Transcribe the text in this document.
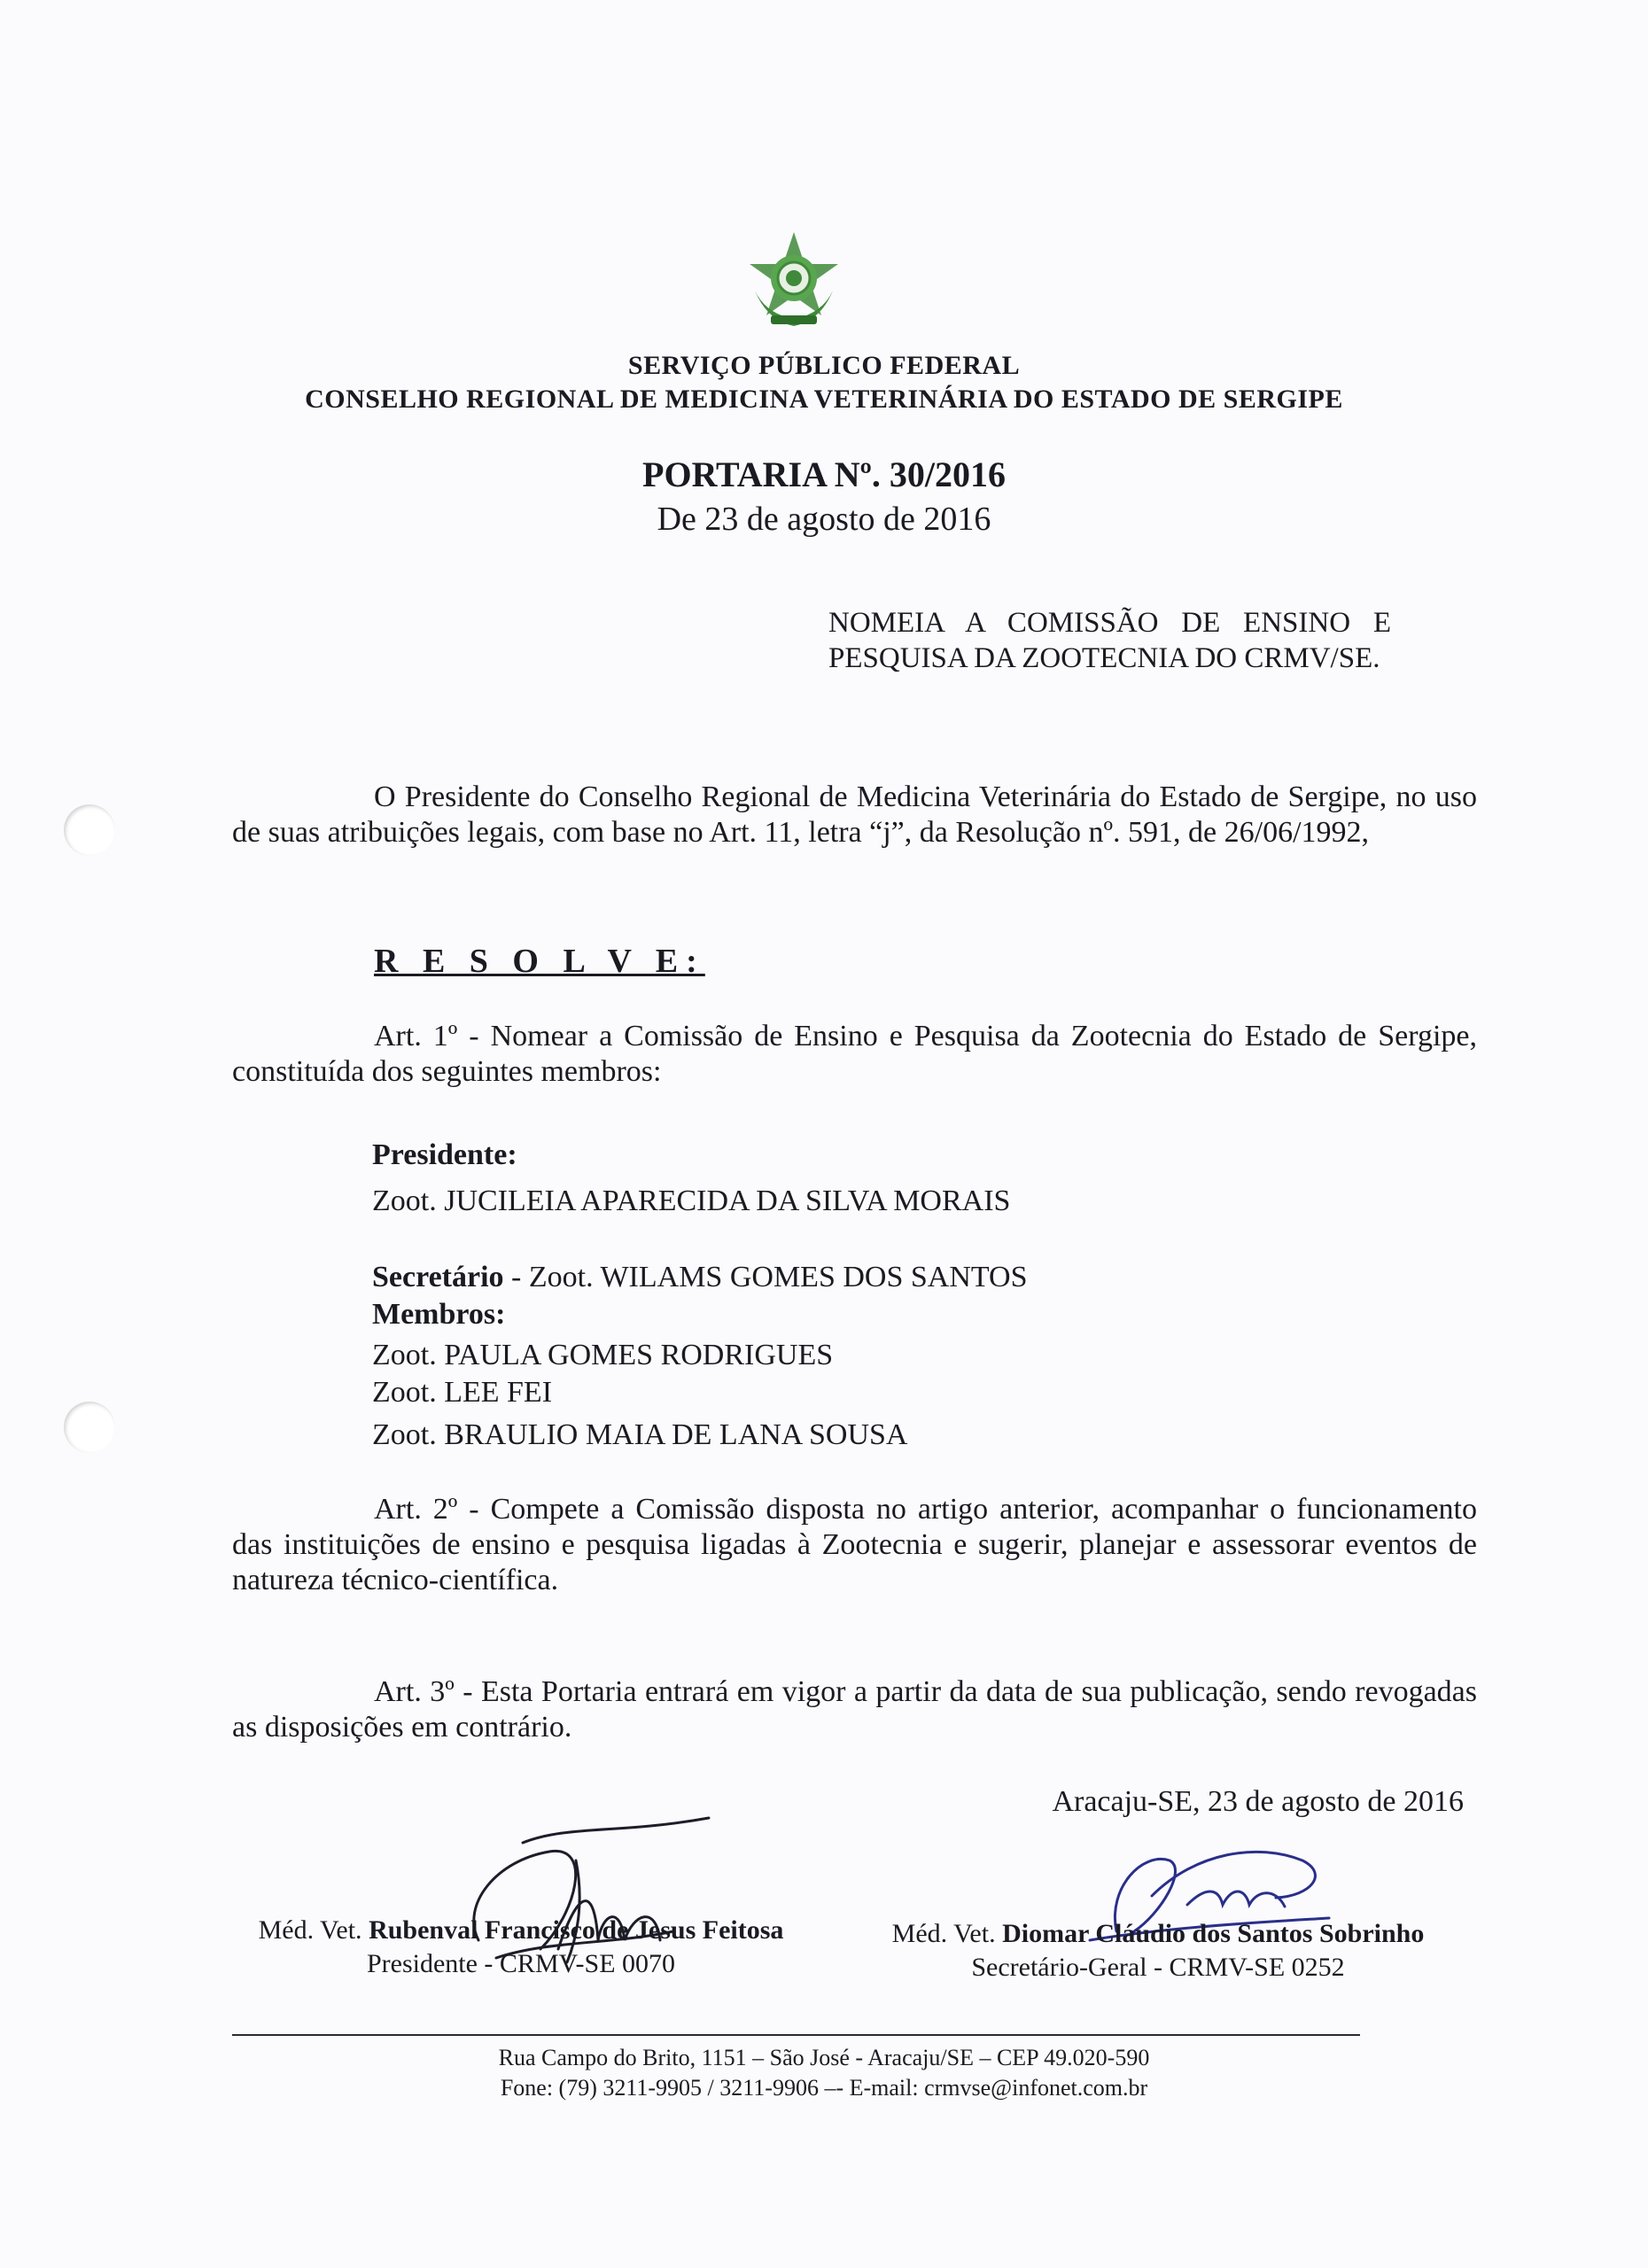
SERVIÇO PÚBLICO FEDERAL
CONSELHO REGIONAL DE MEDICINA VETERINÁRIA DO ESTADO DE SERGIPE
PORTARIA Nº. 30/2016
De 23 de agosto de 2016
NOMEIA A COMISSÃO DE ENSINO E PESQUISA DA ZOOTECNIA DO CRMV/SE.
O Presidente do Conselho Regional de Medicina Veterinária do Estado de Sergipe, no uso de suas atribuições legais, com base no Art. 11, letra “j”, da Resolução nº. 591, de 26/06/1992,
R E S O L V E:
Art. 1º - Nomear a Comissão de Ensino e Pesquisa da Zootecnia do Estado de Sergipe, constituída dos seguintes membros:
Presidente:
Zoot. JUCILEIA APARECIDA DA SILVA MORAIS
Secretário - Zoot. WILAMS GOMES DOS SANTOS
Membros:
Zoot. PAULA GOMES RODRIGUES
Zoot. LEE FEI
Zoot. BRAULIO MAIA DE LANA SOUSA
Art. 2º - Compete a Comissão disposta no artigo anterior, acompanhar o funcionamento das instituições de ensino e pesquisa ligadas à Zootecnia e sugerir, planejar e assessorar eventos de natureza técnico-científica.
Art. 3º - Esta Portaria entrará em vigor a partir da data de sua publicação, sendo revogadas as disposições em contrário.
Aracaju-SE, 23 de agosto de 2016
Méd. Vet. Rubenval Francisco de Jesus Feitosa
Presidente - CRMV-SE 0070
Méd. Vet. Diomar Cláudio dos Santos Sobrinho
Secretário-Geral - CRMV-SE 0252
Rua Campo do Brito, 1151 – São José - Aracaju/SE – CEP 49.020-590
Fone: (79) 3211-9905 / 3211-9906 –- E-mail: crmvse@infonet.com.br
